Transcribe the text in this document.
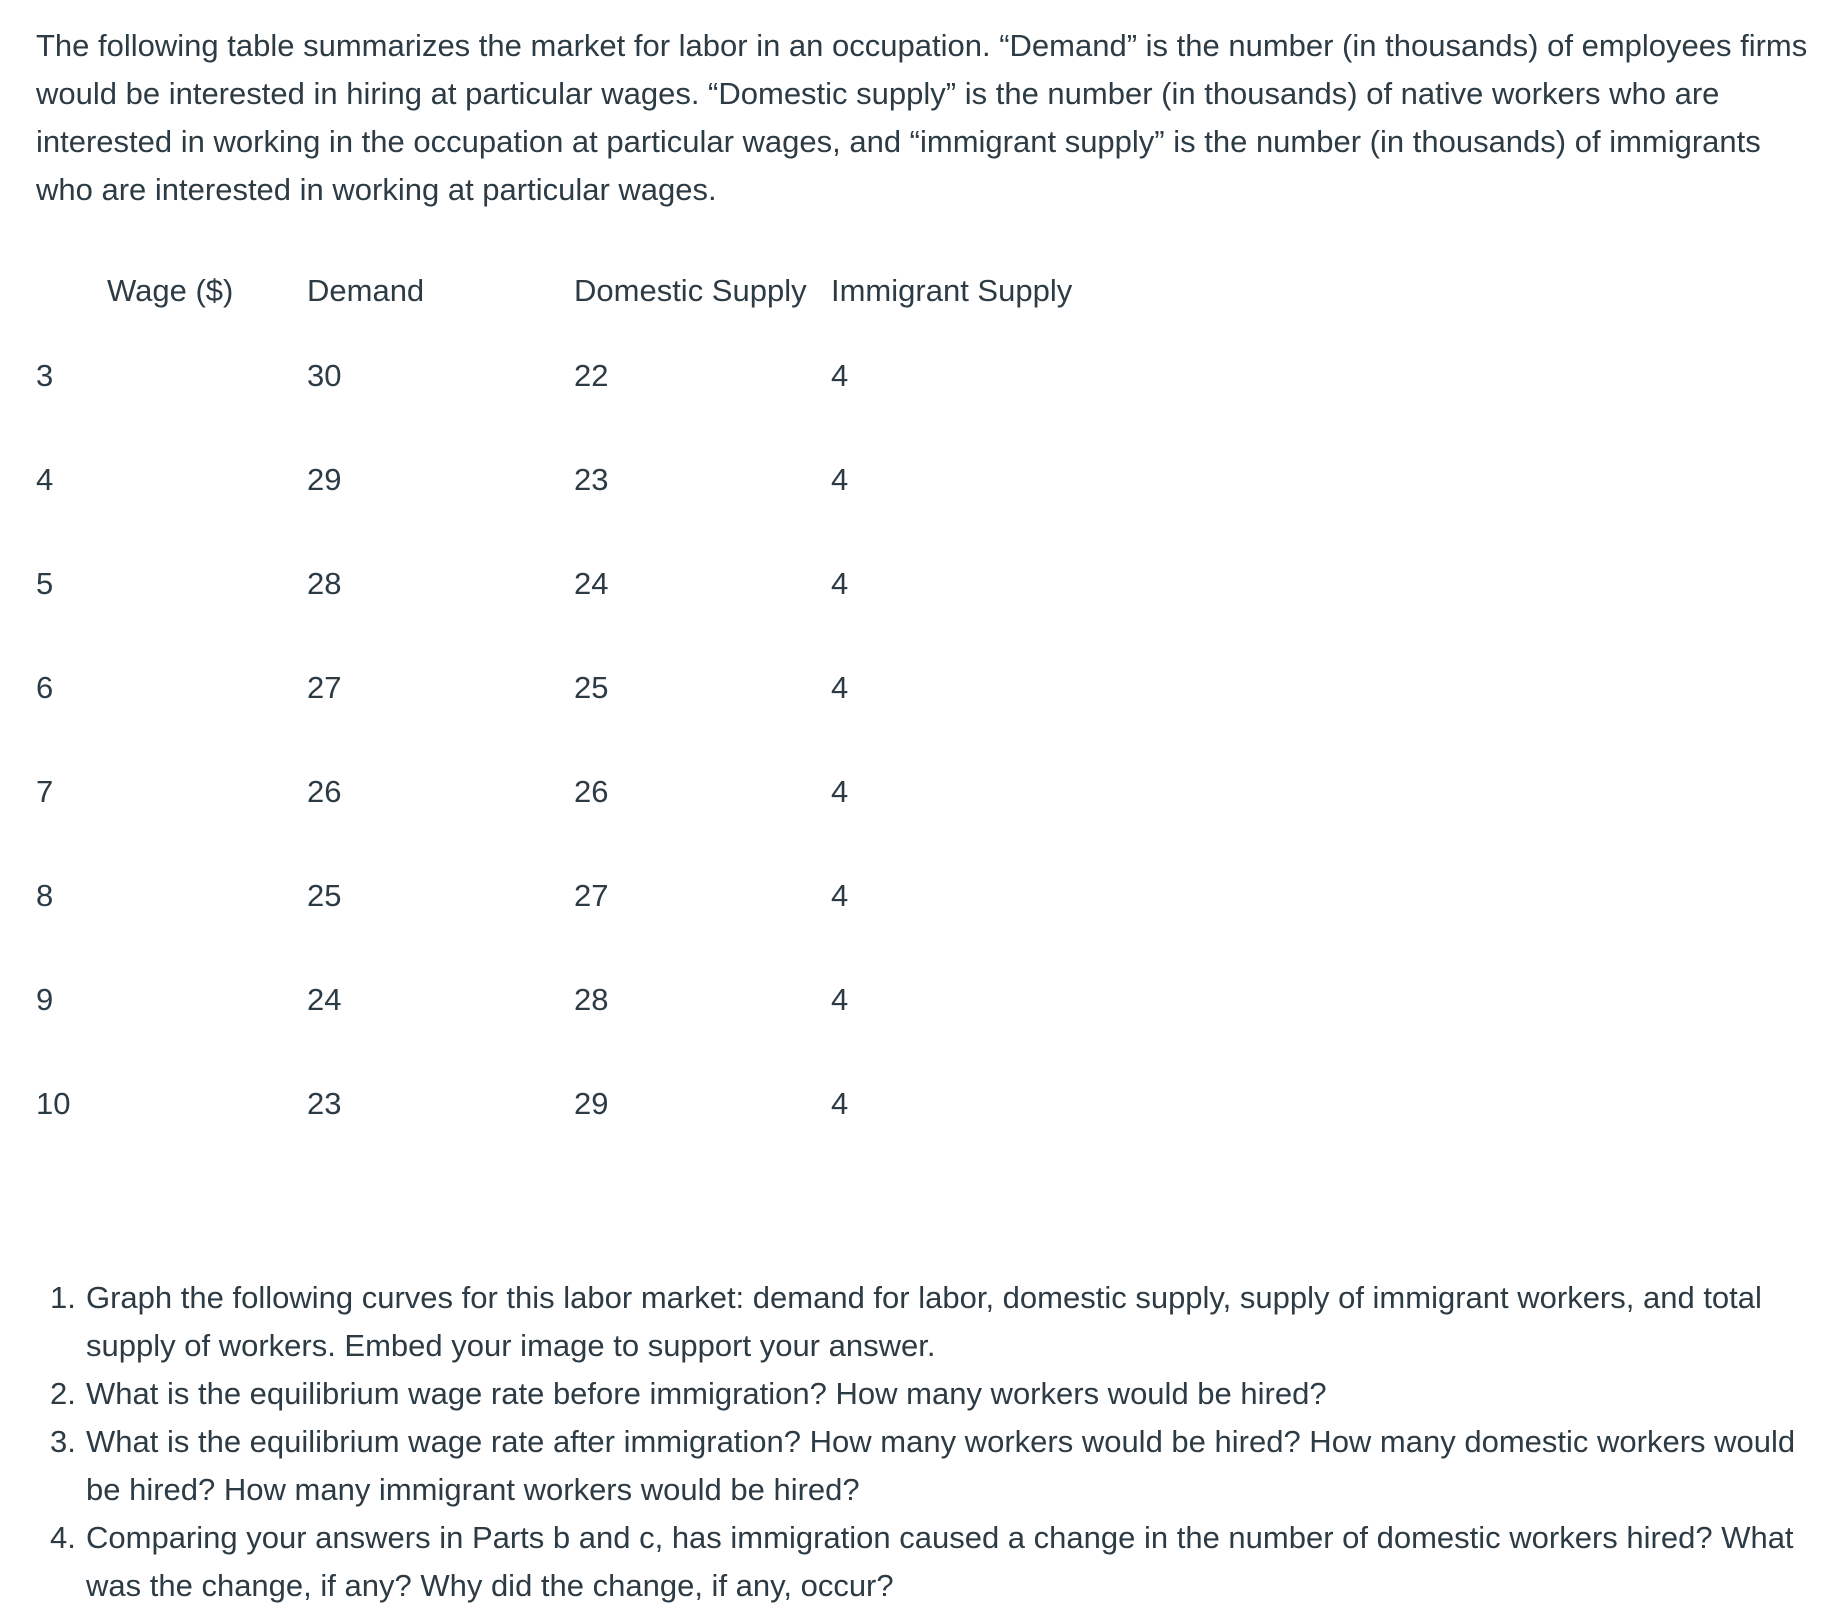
The following table summarizes the market for labor in an occupation. “Demand” is the number (in thousands) of employees firms would be interested in hiring at particular wages. “Domestic supply” is the number (in thousands) of native workers who are interested in working in the occupation at particular wages, and “immigrant supply” is the number (in thousands) of immigrants who are interested in working at particular wages.

Wage ($)	Demand	Domestic Supply	Immigrant Supply
3	30	22	4
4	29	23	4
5	28	24	4
6	27	25	4
7	26	26	4
8	25	27	4
9	24	28	4
10	23	29	4
1. Graph the following curves for this labor market: demand for labor, domestic supply, supply of immigrant workers, and total supply of workers. Embed your image to support your answer.
2. What is the equilibrium wage rate before immigration? How many workers would be hired?
3. What is the equilibrium wage rate after immigration? How many workers would be hired? How many domestic workers would be hired? How many immigrant workers would be hired?
4. Comparing your answers in Parts b and c, has immigration caused a change in the number of domestic workers hired? What was the change, if any? Why did the change, if any, occur?
